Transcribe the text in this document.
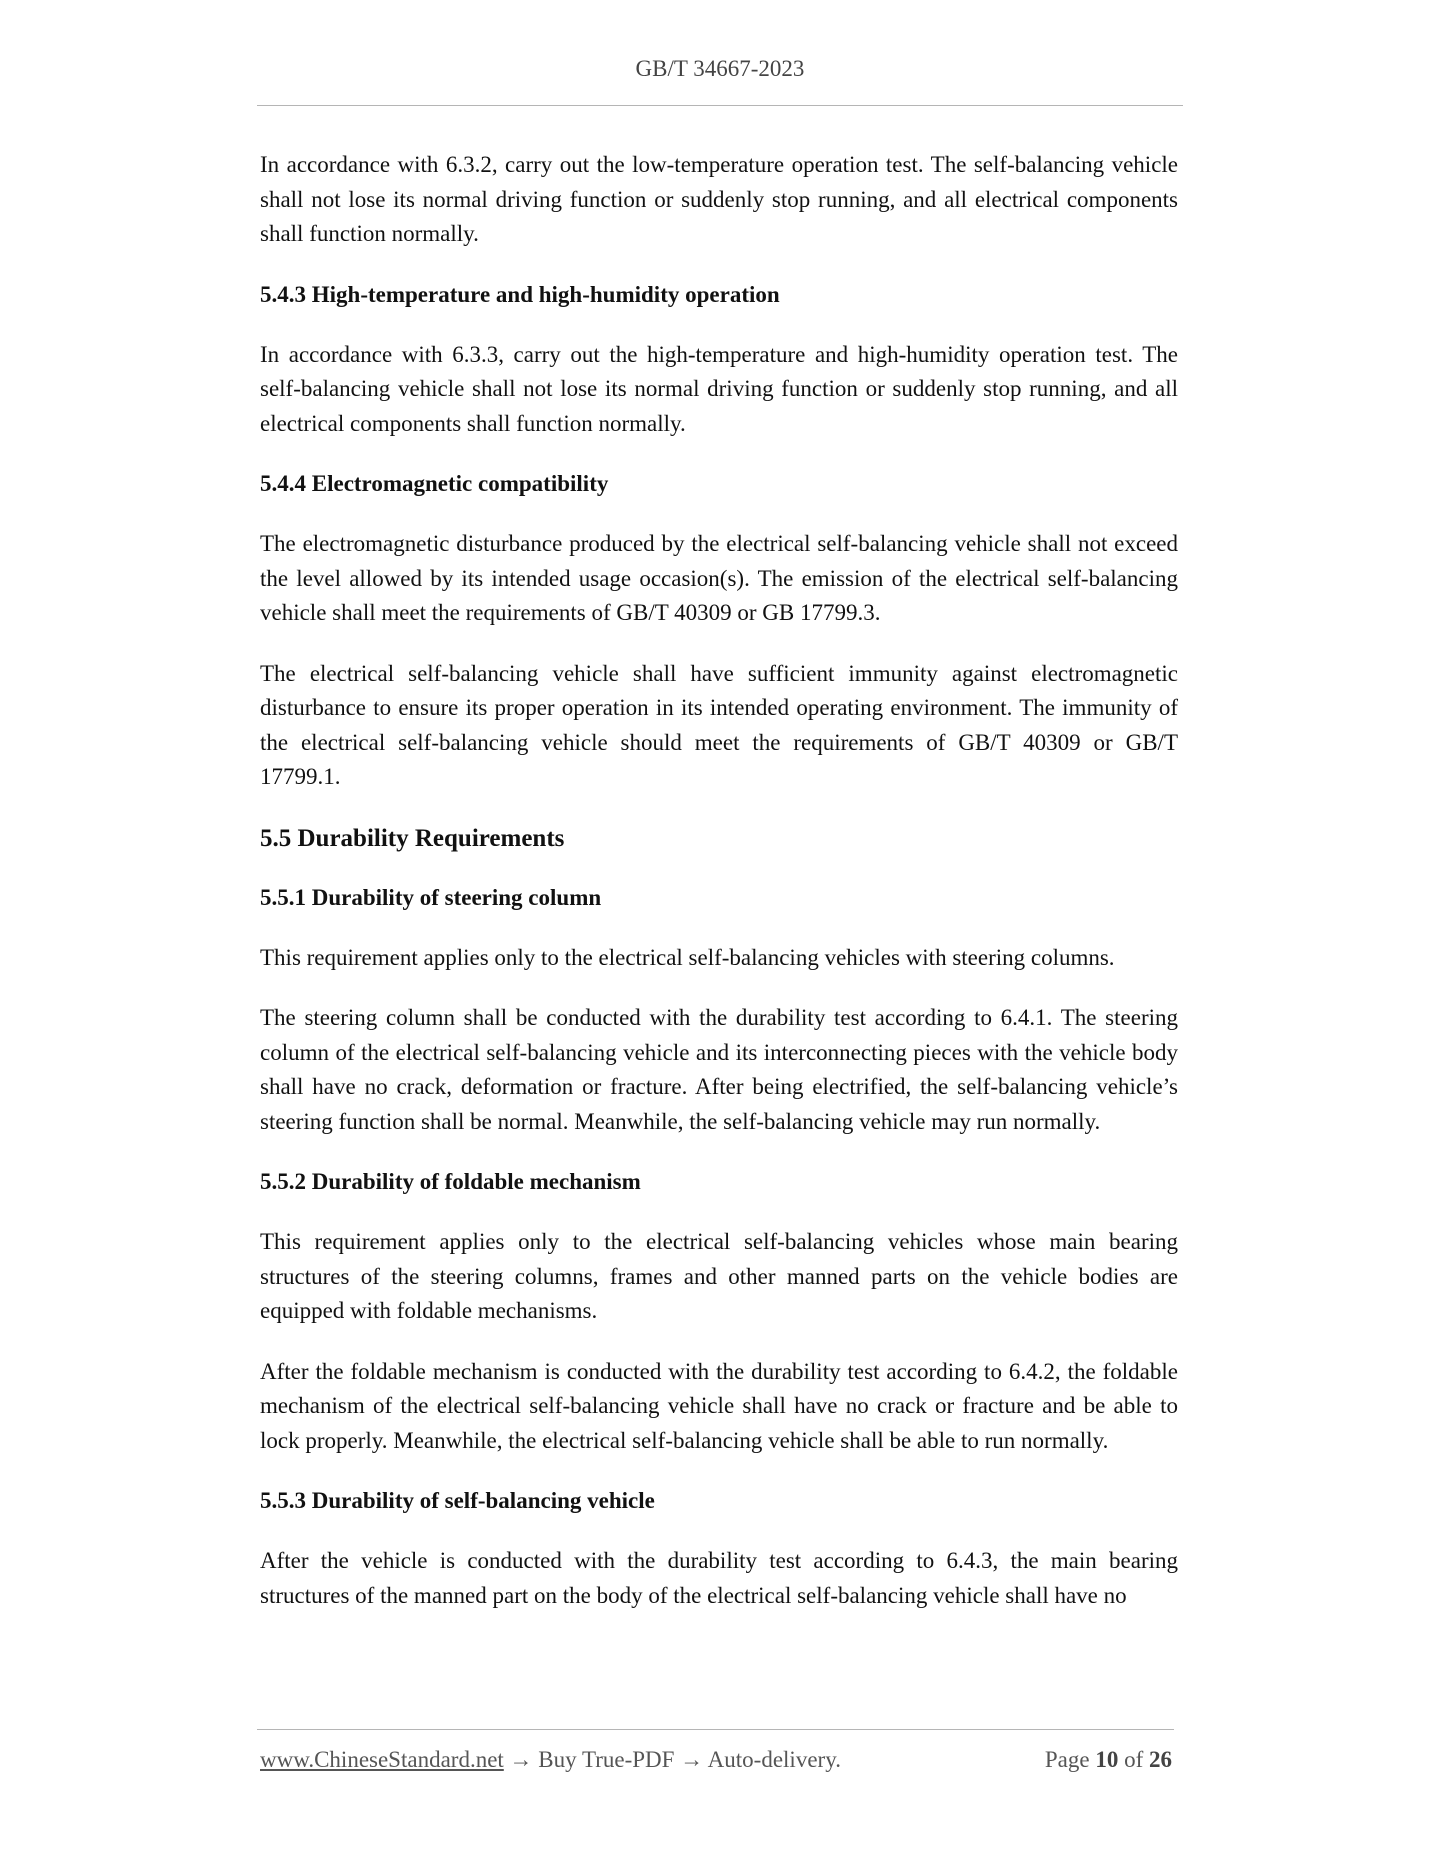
GB/T 34667-2023

In accordance with 6.3.2, carry out the low-temperature operation test. The self-balancing vehicle shall not lose its normal driving function or suddenly stop running, and all electrical components shall function normally.

5.4.3 High-temperature and high-humidity operation

In accordance with 6.3.3, carry out the high-temperature and high-humidity operation test. The self-balancing vehicle shall not lose its normal driving function or suddenly stop running, and all electrical components shall function normally.

5.4.4 Electromagnetic compatibility

The electromagnetic disturbance produced by the electrical self-balancing vehicle shall not exceed the level allowed by its intended usage occasion(s). The emission of the electrical self-balancing vehicle shall meet the requirements of GB/T 40309 or GB 17799.3.

The electrical self-balancing vehicle shall have sufficient immunity against electromagnetic disturbance to ensure its proper operation in its intended operating environment. The immunity of the electrical self-balancing vehicle should meet the requirements of GB/T 40309 or GB/T 17799.1.

5.5 Durability Requirements
5.5.1 Durability of steering column

This requirement applies only to the electrical self-balancing vehicles with steering columns.

The steering column shall be conducted with the durability test according to 6.4.1. The steering column of the electrical self-balancing vehicle and its interconnecting pieces with the vehicle body shall have no crack, deformation or fracture. After being electrified, the self-balancing vehicle’s steering function shall be normal. Meanwhile, the self-balancing vehicle may run normally.

5.5.2 Durability of foldable mechanism

This requirement applies only to the electrical self-balancing vehicles whose main bearing structures of the steering columns, frames and other manned parts on the vehicle bodies are equipped with foldable mechanisms.

After the foldable mechanism is conducted with the durability test according to 6.4.2, the foldable mechanism of the electrical self-balancing vehicle shall have no crack or fracture and be able to lock properly. Meanwhile, the electrical self-balancing vehicle shall be able to run normally.

5.5.3 Durability of self-balancing vehicle

After the vehicle is conducted with the durability test according to 6.4.3, the main bearing structures of the manned part on the body of the electrical self-balancing vehicle shall have no

www.ChineseStandard.net → Buy True-PDF → Auto-delivery.	Page 10 of 26
